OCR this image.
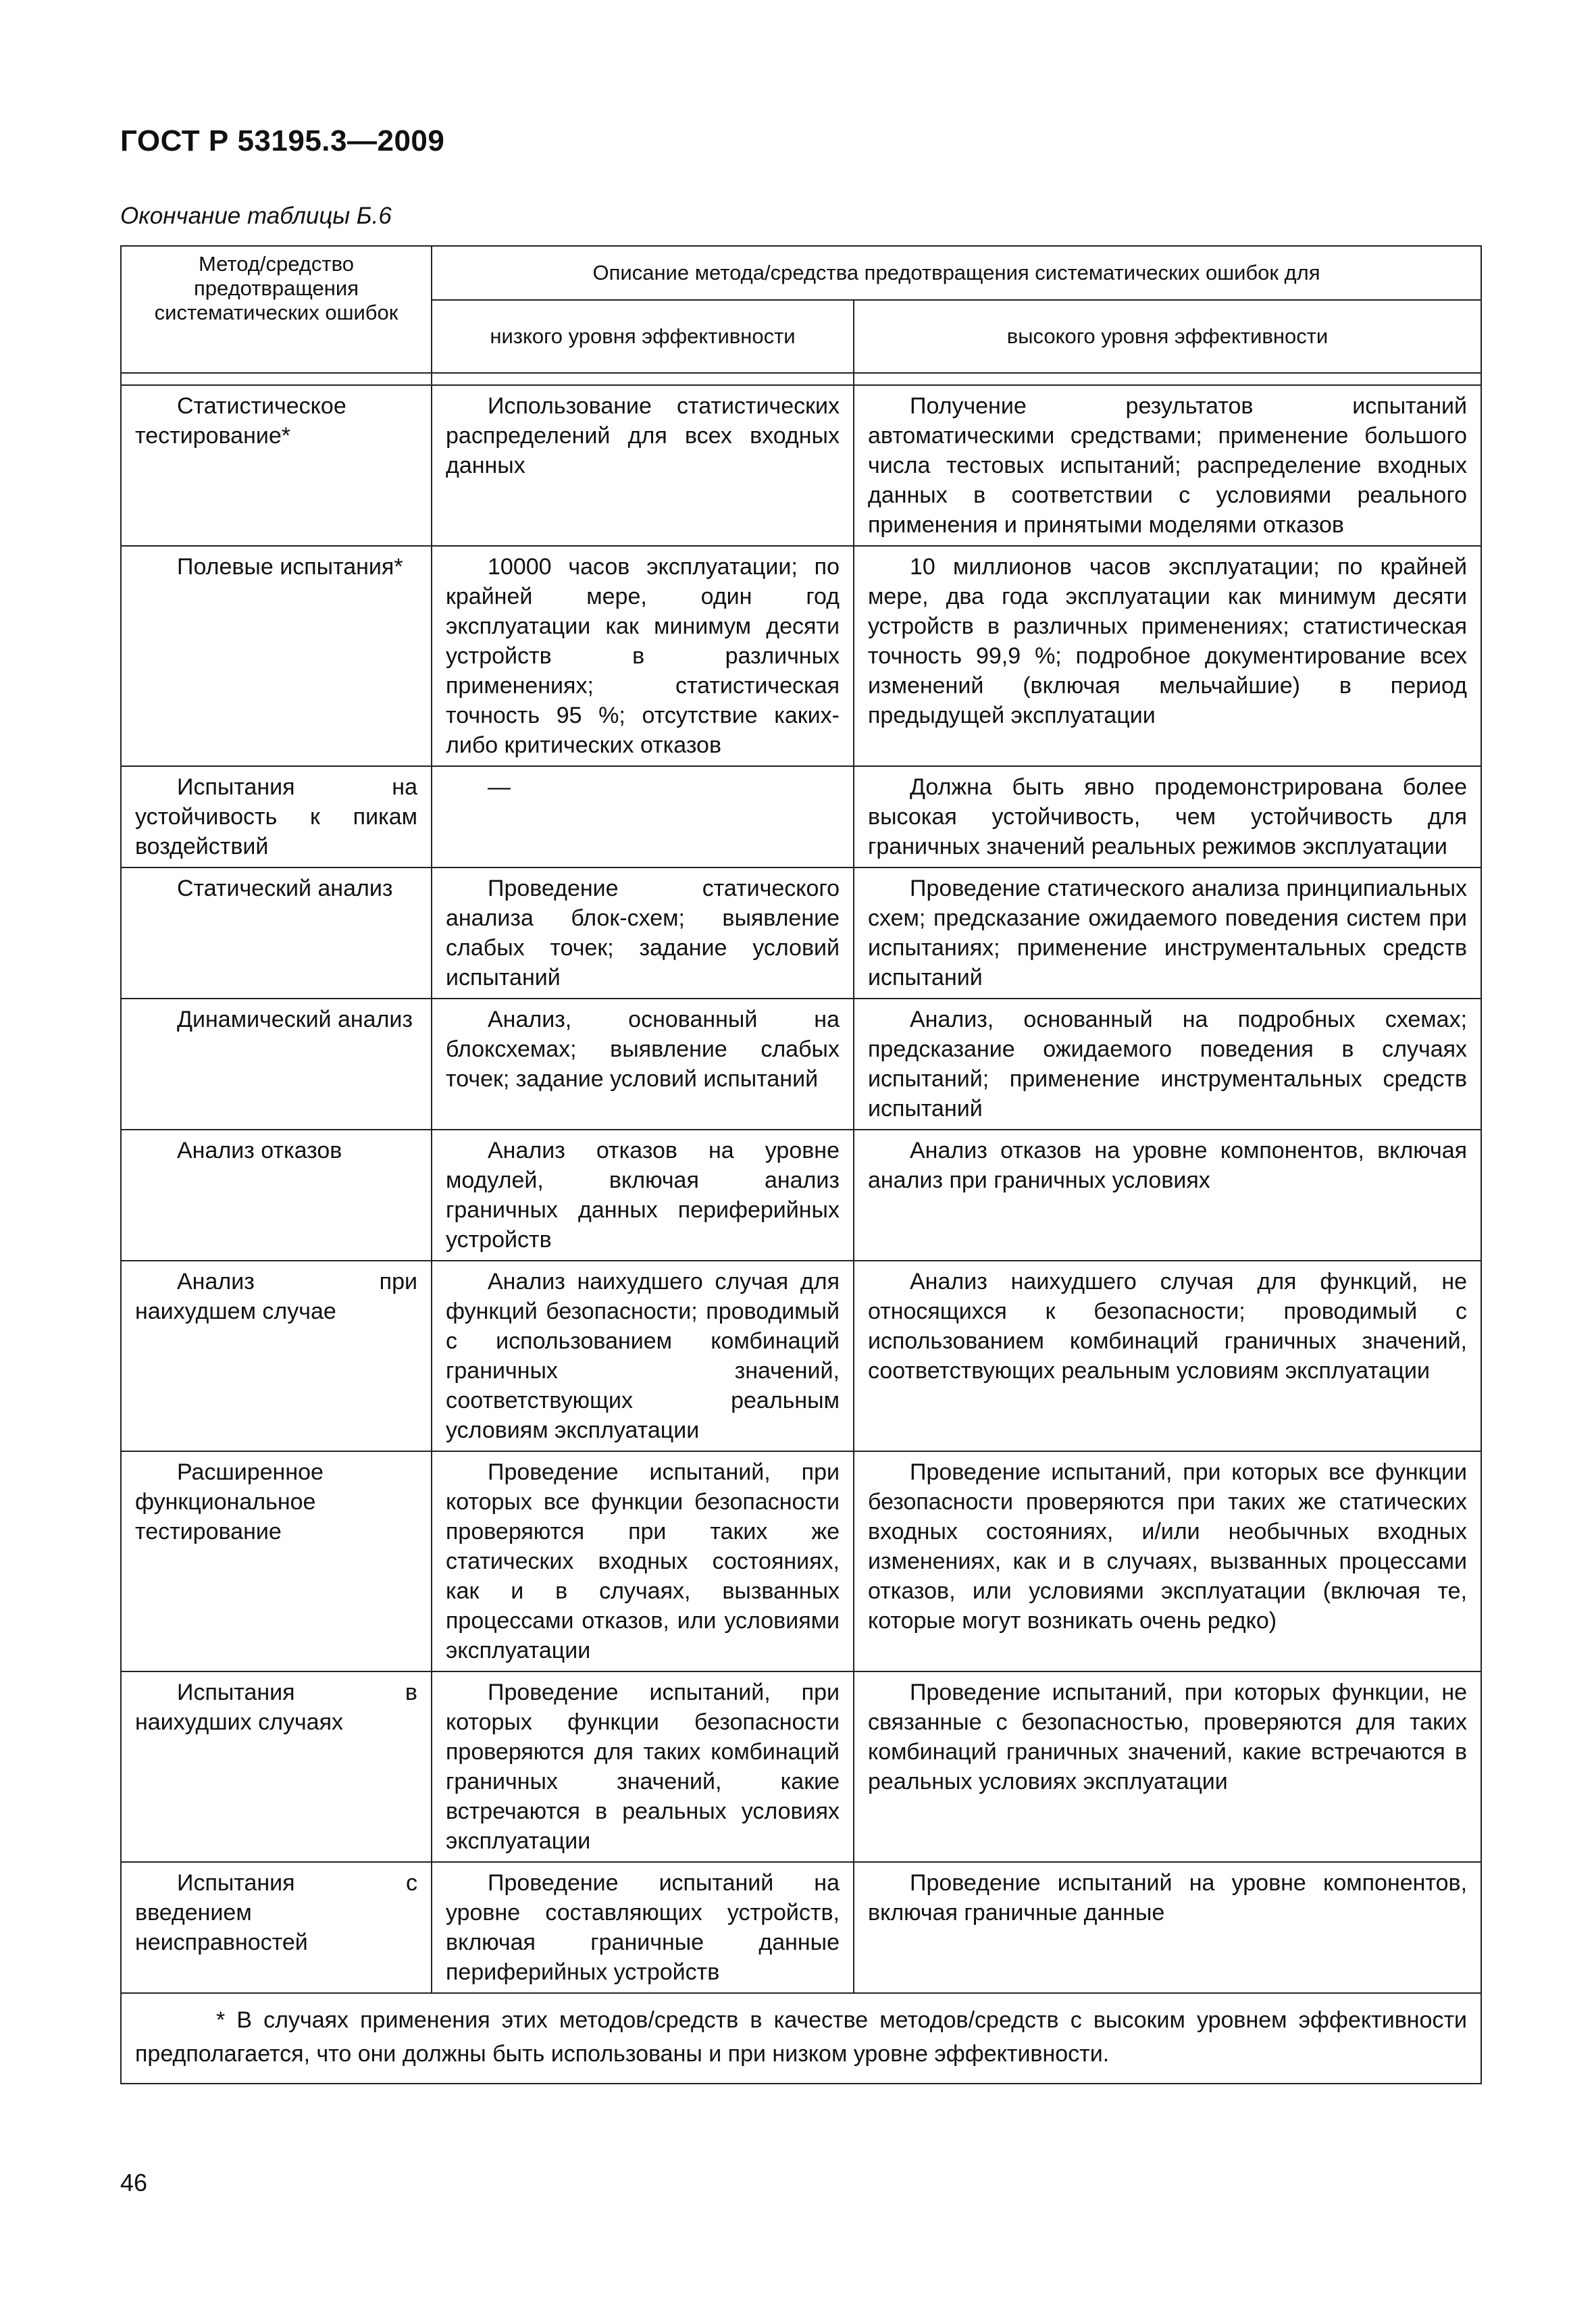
ГОСТ Р 53195.3—2009
Окончание таблицы Б.6
Метод/средство предотвращения систематических ошибок	Описание метода/средства предотвращения систематических ошибок для	
	низкого уровня эффективности	высокого уровня эффективности

Статистическое тестирование*	Использование статистических распределений для всех входных данных	Получение результатов испытаний автоматическими средствами; применение большого числа тестовых испытаний; распределение входных данных в соответствии с условиями реального применения и принятыми моделями отказов

Полевые испытания*	10000 часов эксплуатации; по крайней мере, один год эксплуатации как минимум десяти устройств в различных применениях; статистическая точность 95 %; отсутствие каких-либо критических отказов	10 миллионов часов эксплуатации; по крайней мере, два года эксплуатации как минимум десяти устройств в различных применениях; статистическая точность 99,9 %; подробное документирование всех изменений (включая мельчайшие) в период предыдущей эксплуатации

Испытания на устойчивость к пикам воздействий	—	Должна быть явно продемонстрирована более высокая устойчивость, чем устойчивость для граничных значений реальных режимов эксплуатации

Статический анализ	Проведение статического анализа блок-схем; выявление слабых точек; задание условий испытаний	Проведение статического анализа принципиальных схем; предсказание ожидаемого поведения систем при испытаниях; применение инструментальных средств испытаний

Динамический анализ	Анализ, основанный на блоксхемах; выявление слабых точек; задание условий испытаний	Анализ, основанный на подробных схемах; предсказание ожидаемого поведения в случаях испытаний; применение инструментальных средств испытаний

Анализ отказов	Анализ отказов на уровне модулей, включая анализ граничных данных периферийных устройств	Анализ отказов на уровне компонентов, включая анализ при граничных условиях

Анализ при наихудшем случае	Анализ наихудшего случая для функций безопасности; проводимый с использованием комбинаций граничных значений, соответствующих реальным условиям эксплуатации	Анализ наихудшего случая для функций, не относящихся к безопасности; проводимый с использованием комбинаций граничных значений, соответствующих реальным условиям эксплуатации

Расширенное функциональное тестирование	Проведение испытаний, при которых все функции безопасности проверяются при таких же статических входных состояниях, как и в случаях, вызванных процессами отказов, или условиями эксплуатации	Проведение испытаний, при которых все функции безопасности проверяются при таких же статических входных состояниях, и/или необычных входных изменениях, как и в случаях, вызванных процессами отказов, или условиями эксплуатации (включая те, которые могут возникать очень редко)

Испытания в наихудших случаях	Проведение испытаний, при которых функции безопасности проверяются для таких комбинаций граничных значений, какие встречаются в реальных условиях эксплуатации	Проведение испытаний, при которых функции, не связанные с безопасностью, проверяются для таких комбинаций граничных значений, какие встречаются в реальных условиях эксплуатации

Испытания с введением неисправностей	Проведение испытаний на уровне составляющих устройств, включая граничные данные периферийных устройств	Проведение испытаний на уровне компонентов, включая граничные данные

* В случаях применения этих методов/средств в качестве методов/средств с высоким уровнем эффективности предполагается, что они должны быть использованы и при низком уровне эффективности.		
46
